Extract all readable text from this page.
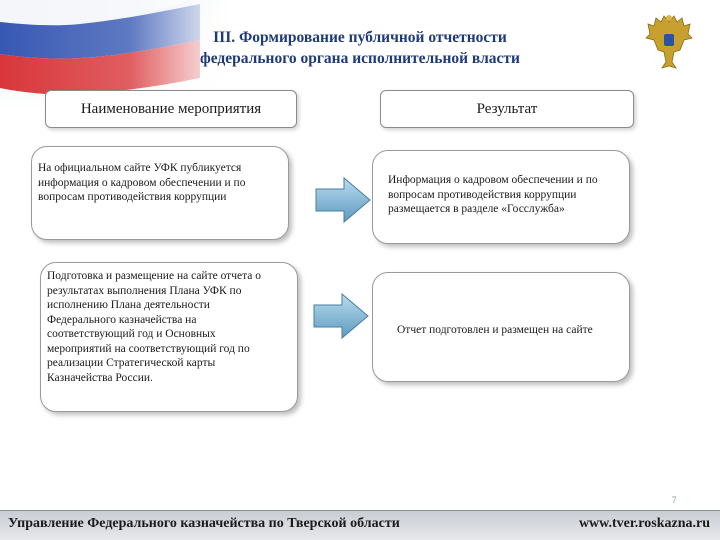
III. Формирование публичной отчетности
федерального органа исполнительной власти
Наименование мероприятия	Результат
На официальном сайте УФК публикуется информация о кадровом обеспечении и по вопросам противодействия коррупции
Информация о кадровом обеспечении и по вопросам противодействия коррупции размещается в разделе «Госслужба»
Подготовка и размещение на сайте отчета о результатах выполнения Плана УФК по исполнению Плана деятельности Федерального казначейства на соответствующий год и Основных мероприятий на соответствующий год по реализации Стратегической карты Казначейства России.
Отчет подготовлен и размещен на сайте
7
Управление Федерального казначейства по Тверской области	www.tver.roskazna.ru
